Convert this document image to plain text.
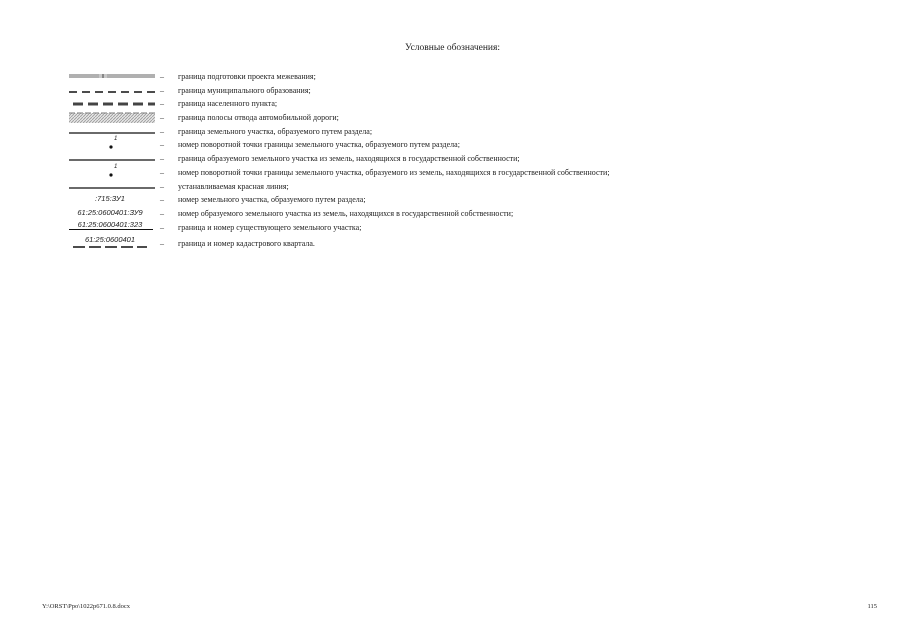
Условные обозначения:
– граница подготовки проекта межевания;
– граница муниципального образования;
– граница населенного пункта;
– граница полосы отвода автомобильной дороги;
– граница земельного участка, образуемого путем раздела;
1
– номер поворотной точки границы земельного участка, образуемого путем раздела;
– граница образуемого земельного участка из земель, находящихся в государственной собственности;
1
– номер поворотной точки границы земельного участка, образуемого из земель, находящихся в государственной собственности;
– устанавливаемая красная линия;
:715:ЗУ1	– номер земельного участка, образуемого путем раздела;
61:25:0600401:ЗУ9	– номер образуемого земельного участка из земель, находящихся в государственной собственности;
61:25:0600401:323	– граница и номер существующего земельного участка;
61:25:0600401	– граница и номер кадастрового квартала.
Y:\ORST\Ppo\1022p671.0.8.docx	115
